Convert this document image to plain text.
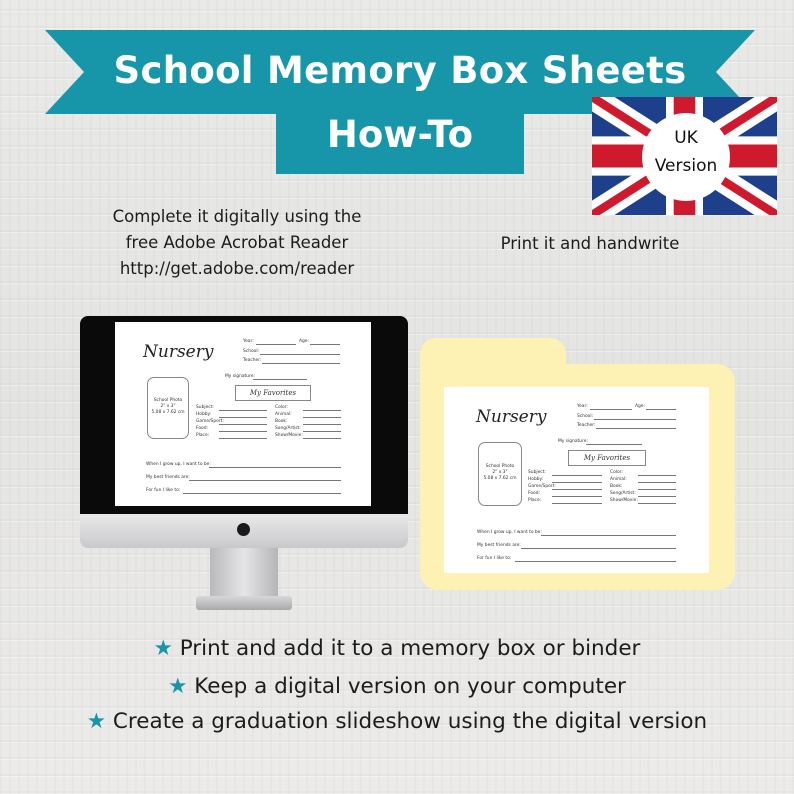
School Memory Box Sheets
How-To	UK
Version
Complete it digitally using the
free Adobe Acrobat Reader
http://get.adobe.com/reader
Print it and handwrite
Nursery
Year:	Age:
School:
Teacher:
My signature:
School Photo
2" x 3"
5.08 x 7.62 cm
My Favorites
Subject:
Hobby:
Game/Sport:
Food:
Place:
Color:
Animal:
Book:
Song/Artist:
Show/Movie:
When I grow up, I want to be:
My best friends are:
For fun I like to:
Nursery
Year:	Age:
School:
Teacher:
My signature:
School Photo
2" x 3"
5.08 x 7.62 cm
My Favorites
Subject:
Hobby:
Game/Sport:
Food:
Place:
Color:
Animal:
Book:
Song/Artist:
Show/Movie:
When I grow up, I want to be:
My best friends are:
For fun I like to:
★ Print and add it to a memory box or binder
★ Keep a digital version on your computer
★ Create a graduation slideshow using the digital version
